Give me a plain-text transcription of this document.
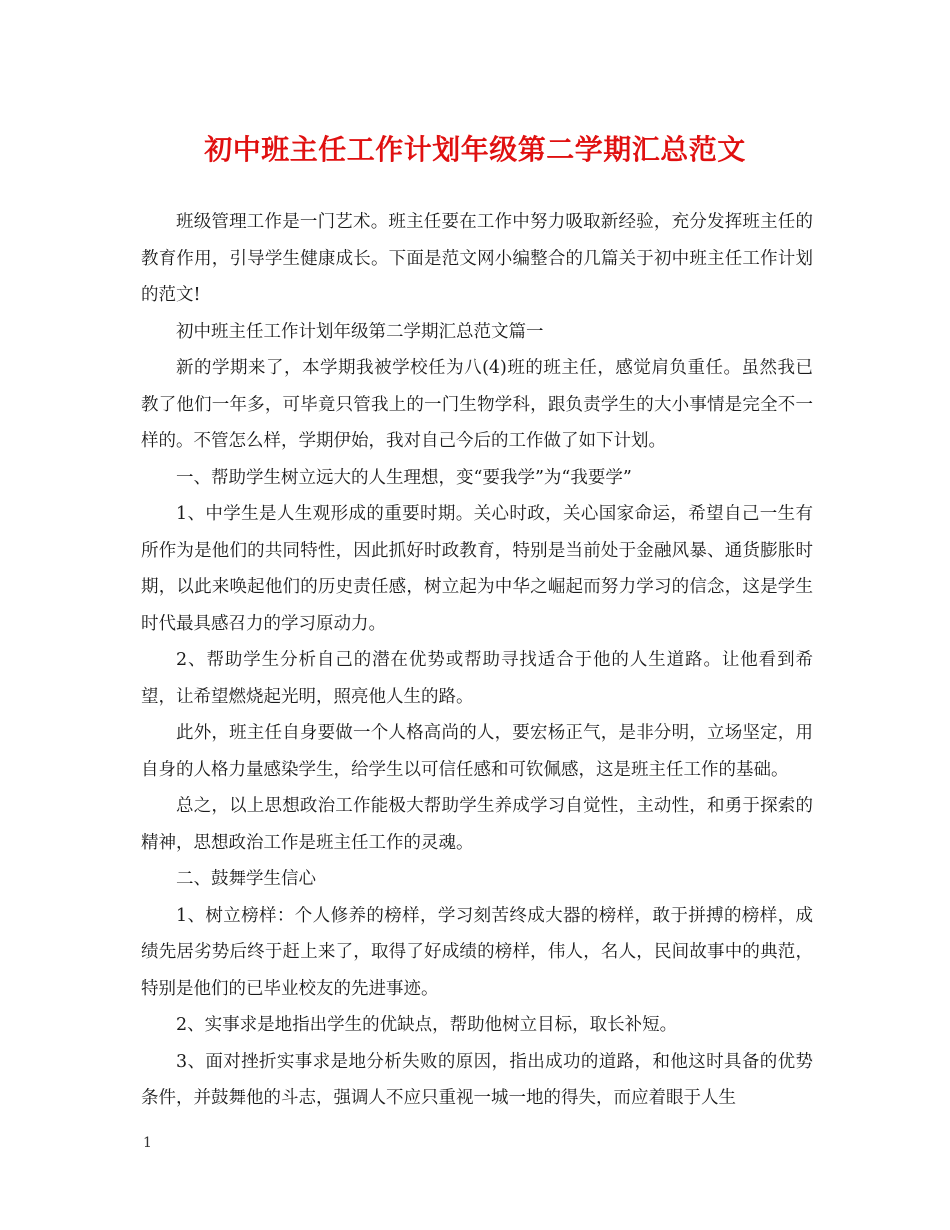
初中班主任工作计划年级第二学期汇总范文

班级管理工作是一门艺术。班主任要在工作中努力吸取新经验，充分发挥班主任的教育作用，引导学生健康成长。下面是范文网小编整合的几篇关于初中班主任工作计划的范文!

初中班主任工作计划年级第二学期汇总范文篇一

新的学期来了，本学期我被学校任为八(4)班的班主任，感觉肩负重任。虽然我已教了他们一年多，可毕竟只管我上的一门生物学科，跟负责学生的大小事情是完全不一样的。不管怎么样，学期伊始，我对自己今后的工作做了如下计划。

一、帮助学生树立远大的人生理想，变“要我学”为“我要学”

1、中学生是人生观形成的重要时期。关心时政，关心国家命运，希望自己一生有所作为是他们的共同特性，因此抓好时政教育，特别是当前处于金融风暴、通货膨胀时期，以此来唤起他们的历史责任感，树立起为中华之崛起而努力学习的信念，这是学生时代最具感召力的学习原动力。

2、帮助学生分析自己的潜在优势或帮助寻找适合于他的人生道路。让他看到希望，让希望燃烧起光明，照亮他人生的路。

此外，班主任自身要做一个人格高尚的人，要宏杨正气，是非分明，立场坚定，用自身的人格力量感染学生，给学生以可信任感和可钦佩感，这是班主任工作的基础。

总之，以上思想政治工作能极大帮助学生养成学习自觉性，主动性，和勇于探索的精神，思想政治工作是班主任工作的灵魂。

二、鼓舞学生信心

1、树立榜样：个人修养的榜样，学习刻苦终成大器的榜样，敢于拼搏的榜样，成绩先居劣势后终于赶上来了，取得了好成绩的榜样，伟人，名人，民间故事中的典范，特别是他们的已毕业校友的先进事迹。

2、实事求是地指出学生的优缺点，帮助他树立目标，取长补短。

3、面对挫折实事求是地分析失败的原因，指出成功的道路，和他这时具备的优势条件，并鼓舞他的斗志，强调人不应只重视一城一地的得失，而应着眼于人生

1
